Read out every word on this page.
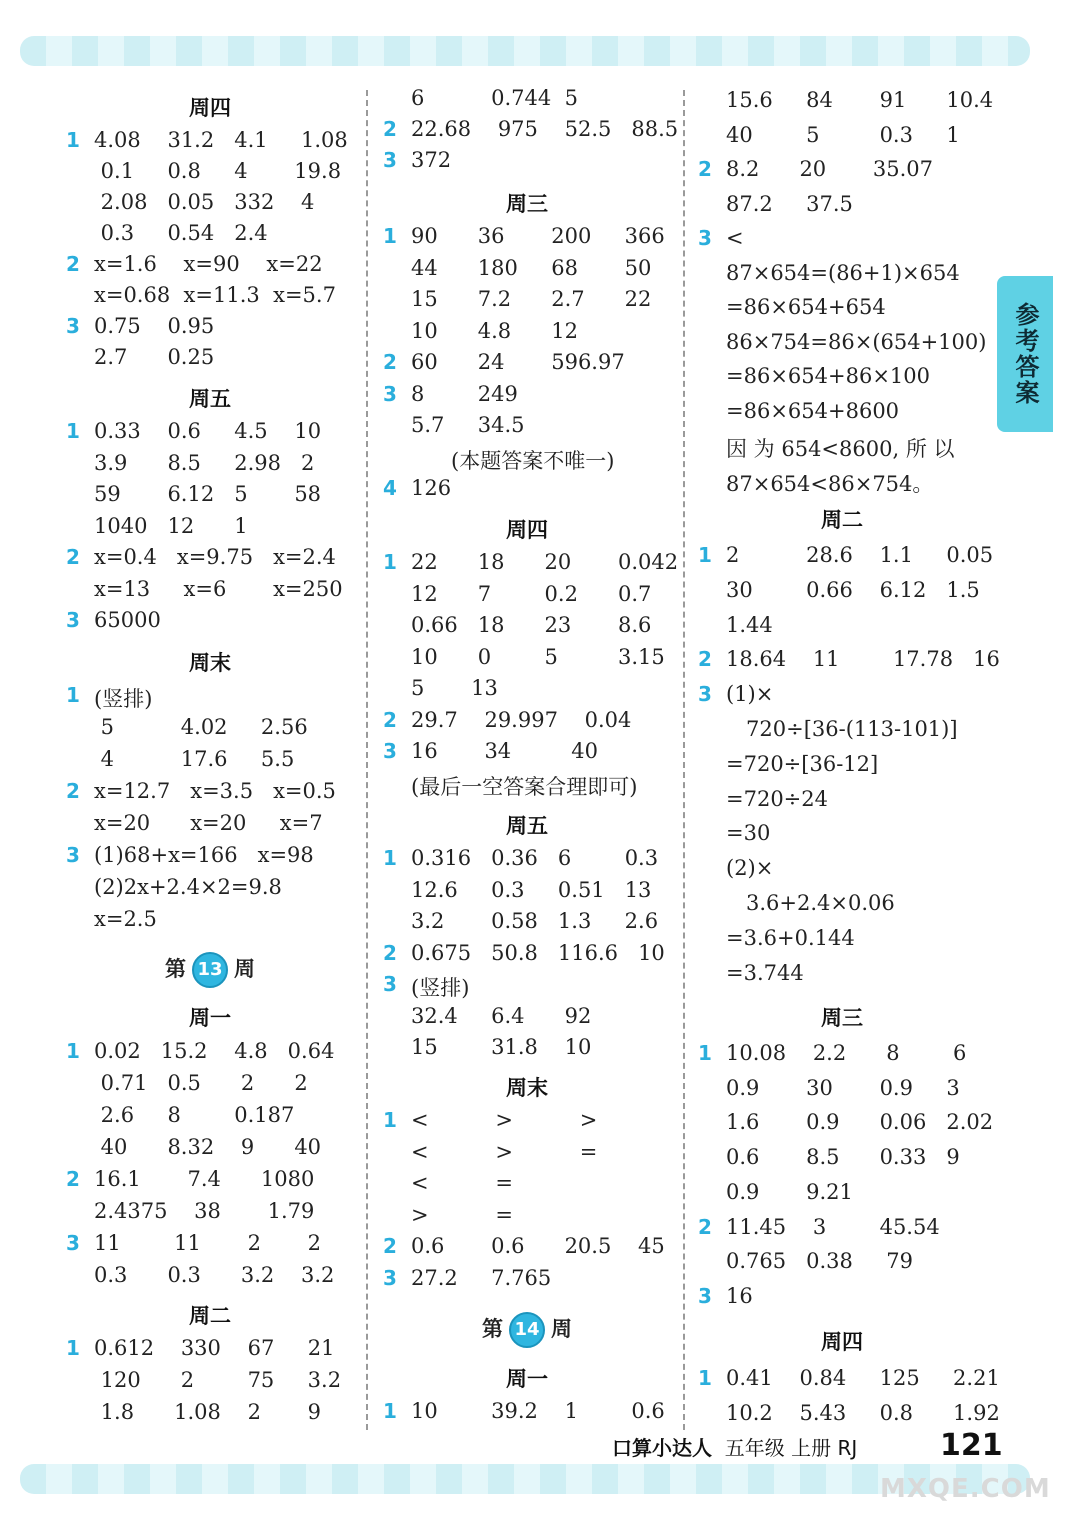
周四
1 4.08    31.2   4.1     1.08
0.1     0.8     4       19.8
2.08   0.05   332    4
0.3     0.54   2.4
2 x=1.6    x=90    x=22
x=0.68  x=11.3  x=5.7
3 0.75    0.95
2.7      0.25
周五
1 0.33    0.6     4.5    10
3.9      8.5     2.98   2
59       6.12   5       58
1040   12      1
2 x=0.4   x=9.75   x=2.4
x=13     x=6       x=250
3 65000
周末
1 (竖排)
5          4.02     2.56
4          17.6     5.5
2 x=12.7   x=3.5   x=0.5
x=20      x=20     x=7
3 (1)68+x=166   x=98
(2)2x+2.4×2=9.8
x=2.5
第 13 周
周一
1 0.02   15.2    4.8   0.64
0.71   0.5      2      2
2.6     8        0.187
40      8.32    9      40
2 16.1       7.4      1080
2.4375    38       1.79
3 11        11       2       2
0.3      0.3      3.2    3.2
周二
1 0.612    330    67     21
120      2        75     3.2
1.8      1.08    2       9
6          0.744  5
2 22.68    975    52.5   88.5
3 372
周三
1 90      36       200     366
44      180     68       50
15      7.2      2.7      22
10      4.8      12
2 60      24       596.97
3 8        249
5.7     34.5
(本题答案不唯一)
4 126
周四
1 22      18      20       0.042
12      7        0.2      0.7
0.66   18      23       8.6
10      0        5         3.15
5       13
2 29.7    29.997    0.04
3 16       34         40
(最后一空答案合理即可)
周五
1 0.316   0.36   6        0.3
12.6     0.3     0.51   13
3.2       0.58   1.3     2.6
2 0.675   50.8   116.6   10
3 (竖排)
32.4     6.4      92
15        31.8    10
周末
1 <          >          >
<          >          =
<          =
>          =
2 0.6       0.6      20.5    45
3 27.2     7.765
第 14 周
周一
1 10        39.2    1        0.6
15.6     84       91      10.4
40        5         0.3     1
2 8.2      20       35.07
87.2     37.5
3 <
87×654=(86+1)×654
=86×654+654
86×754=86×(654+100)
=86×654+86×100
=86×654+8600
因 为 654<8600, 所 以
87×654<86×754。
周二
1 2          28.6    1.1     0.05
30        0.66    6.12   1.5
1.44
2 18.64    11        17.78   16
3 (1)×
720÷[36-(113-101)]
=720÷[36-12]
=720÷24
=30
(2)×
3.6+2.4×0.06
=3.6+0.144
=3.744
周三
1 10.08    2.2      8        6
0.9       30       0.9     3
1.6       0.9      0.06   2.02
0.6       8.5      0.33   9
0.9       9.21
2 11.45    3        45.54
0.765   0.38     79
3 16
周四
1 0.41    0.84     125     2.21
10.2    5.43     0.8      1.92
参考答案
口算小达人 五年级 上册 RJ	121
MXQE.COM
